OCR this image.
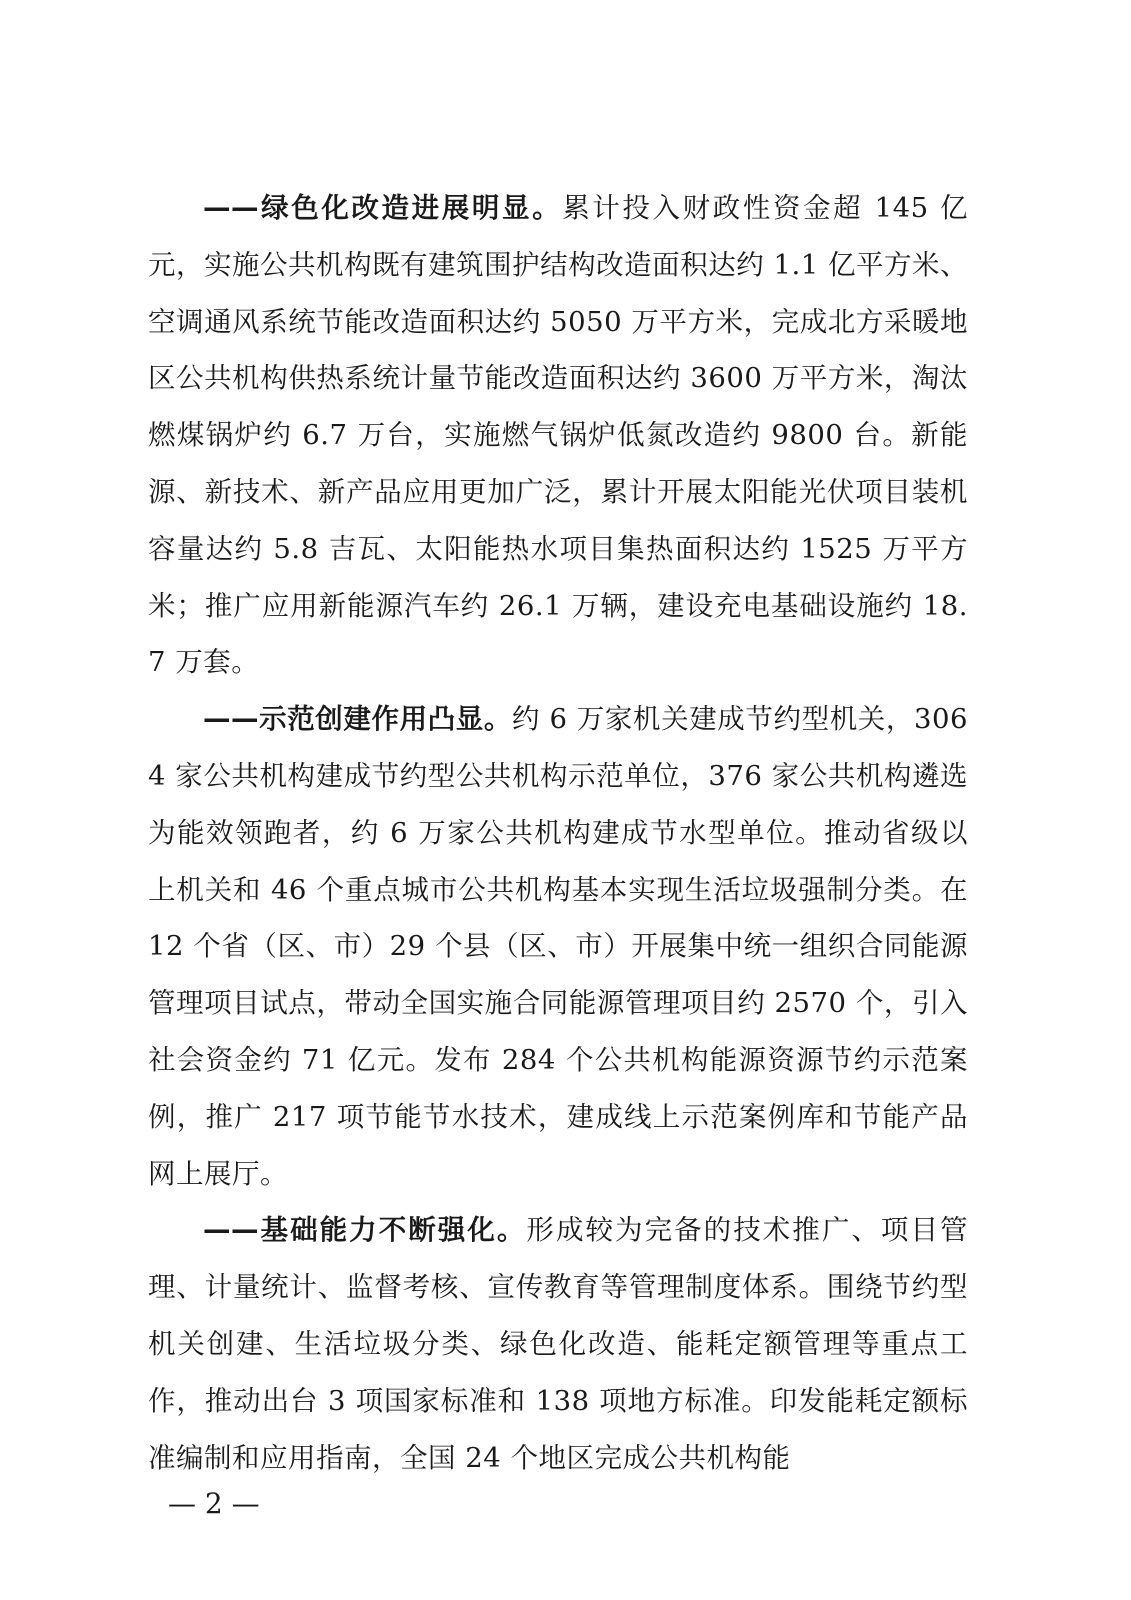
——绿色化改造进展明显。累计投入财政性资金超 145 亿元，实施公共机构既有建筑围护结构改造面积达约 1.1 亿平方米、空调通风系统节能改造面积达约 5050 万平方米，完成北方采暖地区公共机构供热系统计量节能改造面积达约 3600 万平方米，淘汰燃煤锅炉约 6.7 万台，实施燃气锅炉低氮改造约 9800 台。新能源、新技术、新产品应用更加广泛，累计开展太阳能光伏项目装机容量达约 5.8 吉瓦、太阳能热水项目集热面积达约 1525 万平方米；推广应用新能源汽车约 26.1 万辆，建设充电基础设施约 18.7 万套。

——示范创建作用凸显。约 6 万家机关建成节约型机关，3064 家公共机构建成节约型公共机构示范单位，376 家公共机构遴选为能效领跑者，约 6 万家公共机构建成节水型单位。推动省级以上机关和 46 个重点城市公共机构基本实现生活垃圾强制分类。在 12 个省（区、市）29 个县（区、市）开展集中统一组织合同能源管理项目试点，带动全国实施合同能源管理项目约 2570 个，引入社会资金约 71 亿元。发布 284 个公共机构能源资源节约示范案例，推广 217 项节能节水技术，建成线上示范案例库和节能产品网上展厅。

——基础能力不断强化。形成较为完备的技术推广、项目管理、计量统计、监督考核、宣传教育等管理制度体系。围绕节约型机关创建、生活垃圾分类、绿色化改造、能耗定额管理等重点工作，推动出台 3 项国家标准和 138 项地方标准。印发能耗定额标准编制和应用指南，全国 24 个地区完成公共机构能

— 2 —
